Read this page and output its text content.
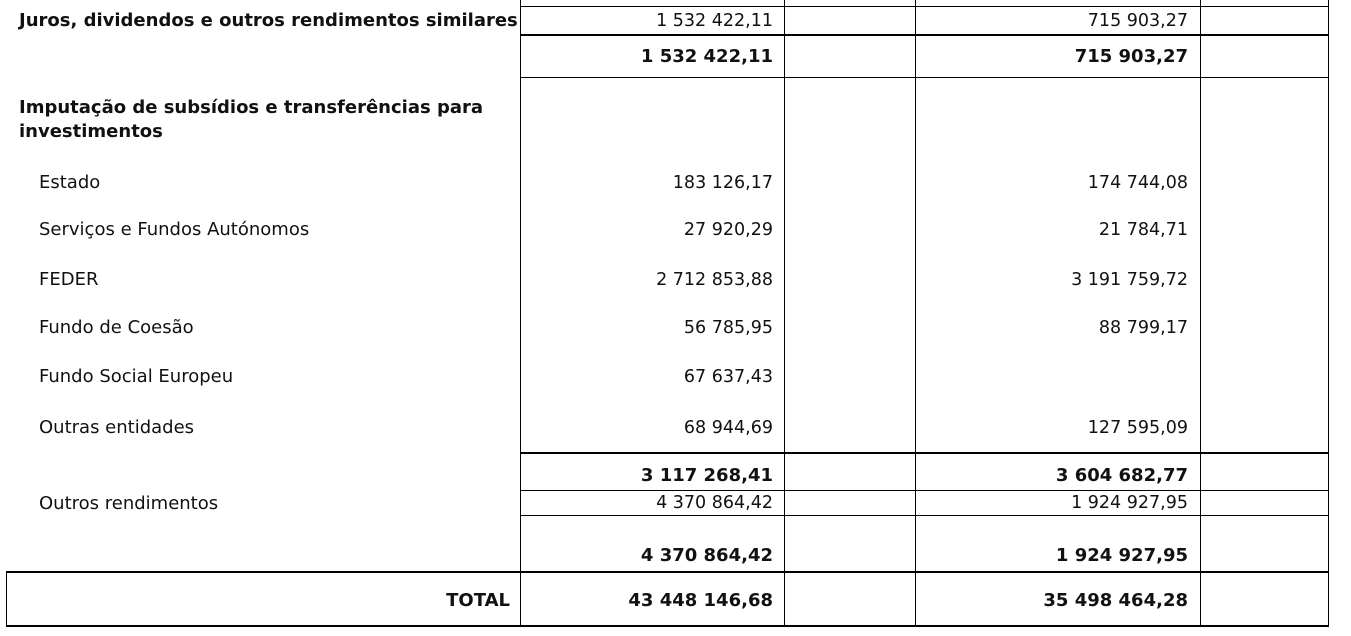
Juros, dividendos e outros rendimentos similares	1 532 422,11	715 903,27
1 532 422,11	715 903,27
Imputação de subsídios e transferências para
investimentos
Estado	183 126,17	174 744,08
Serviços e Fundos Autónomos	27 920,29	21 784,71
FEDER	2 712 853,88	3 191 759,72
Fundo de Coesão	56 785,95	88 799,17
Fundo Social Europeu	67 637,43
Outras entidades	68 944,69	127 595,09
3 117 268,41	3 604 682,77
Outros rendimentos	4 370 864,42	1 924 927,95
4 370 864,42	1 924 927,95
TOTAL	43 448 146,68	35 498 464,28
